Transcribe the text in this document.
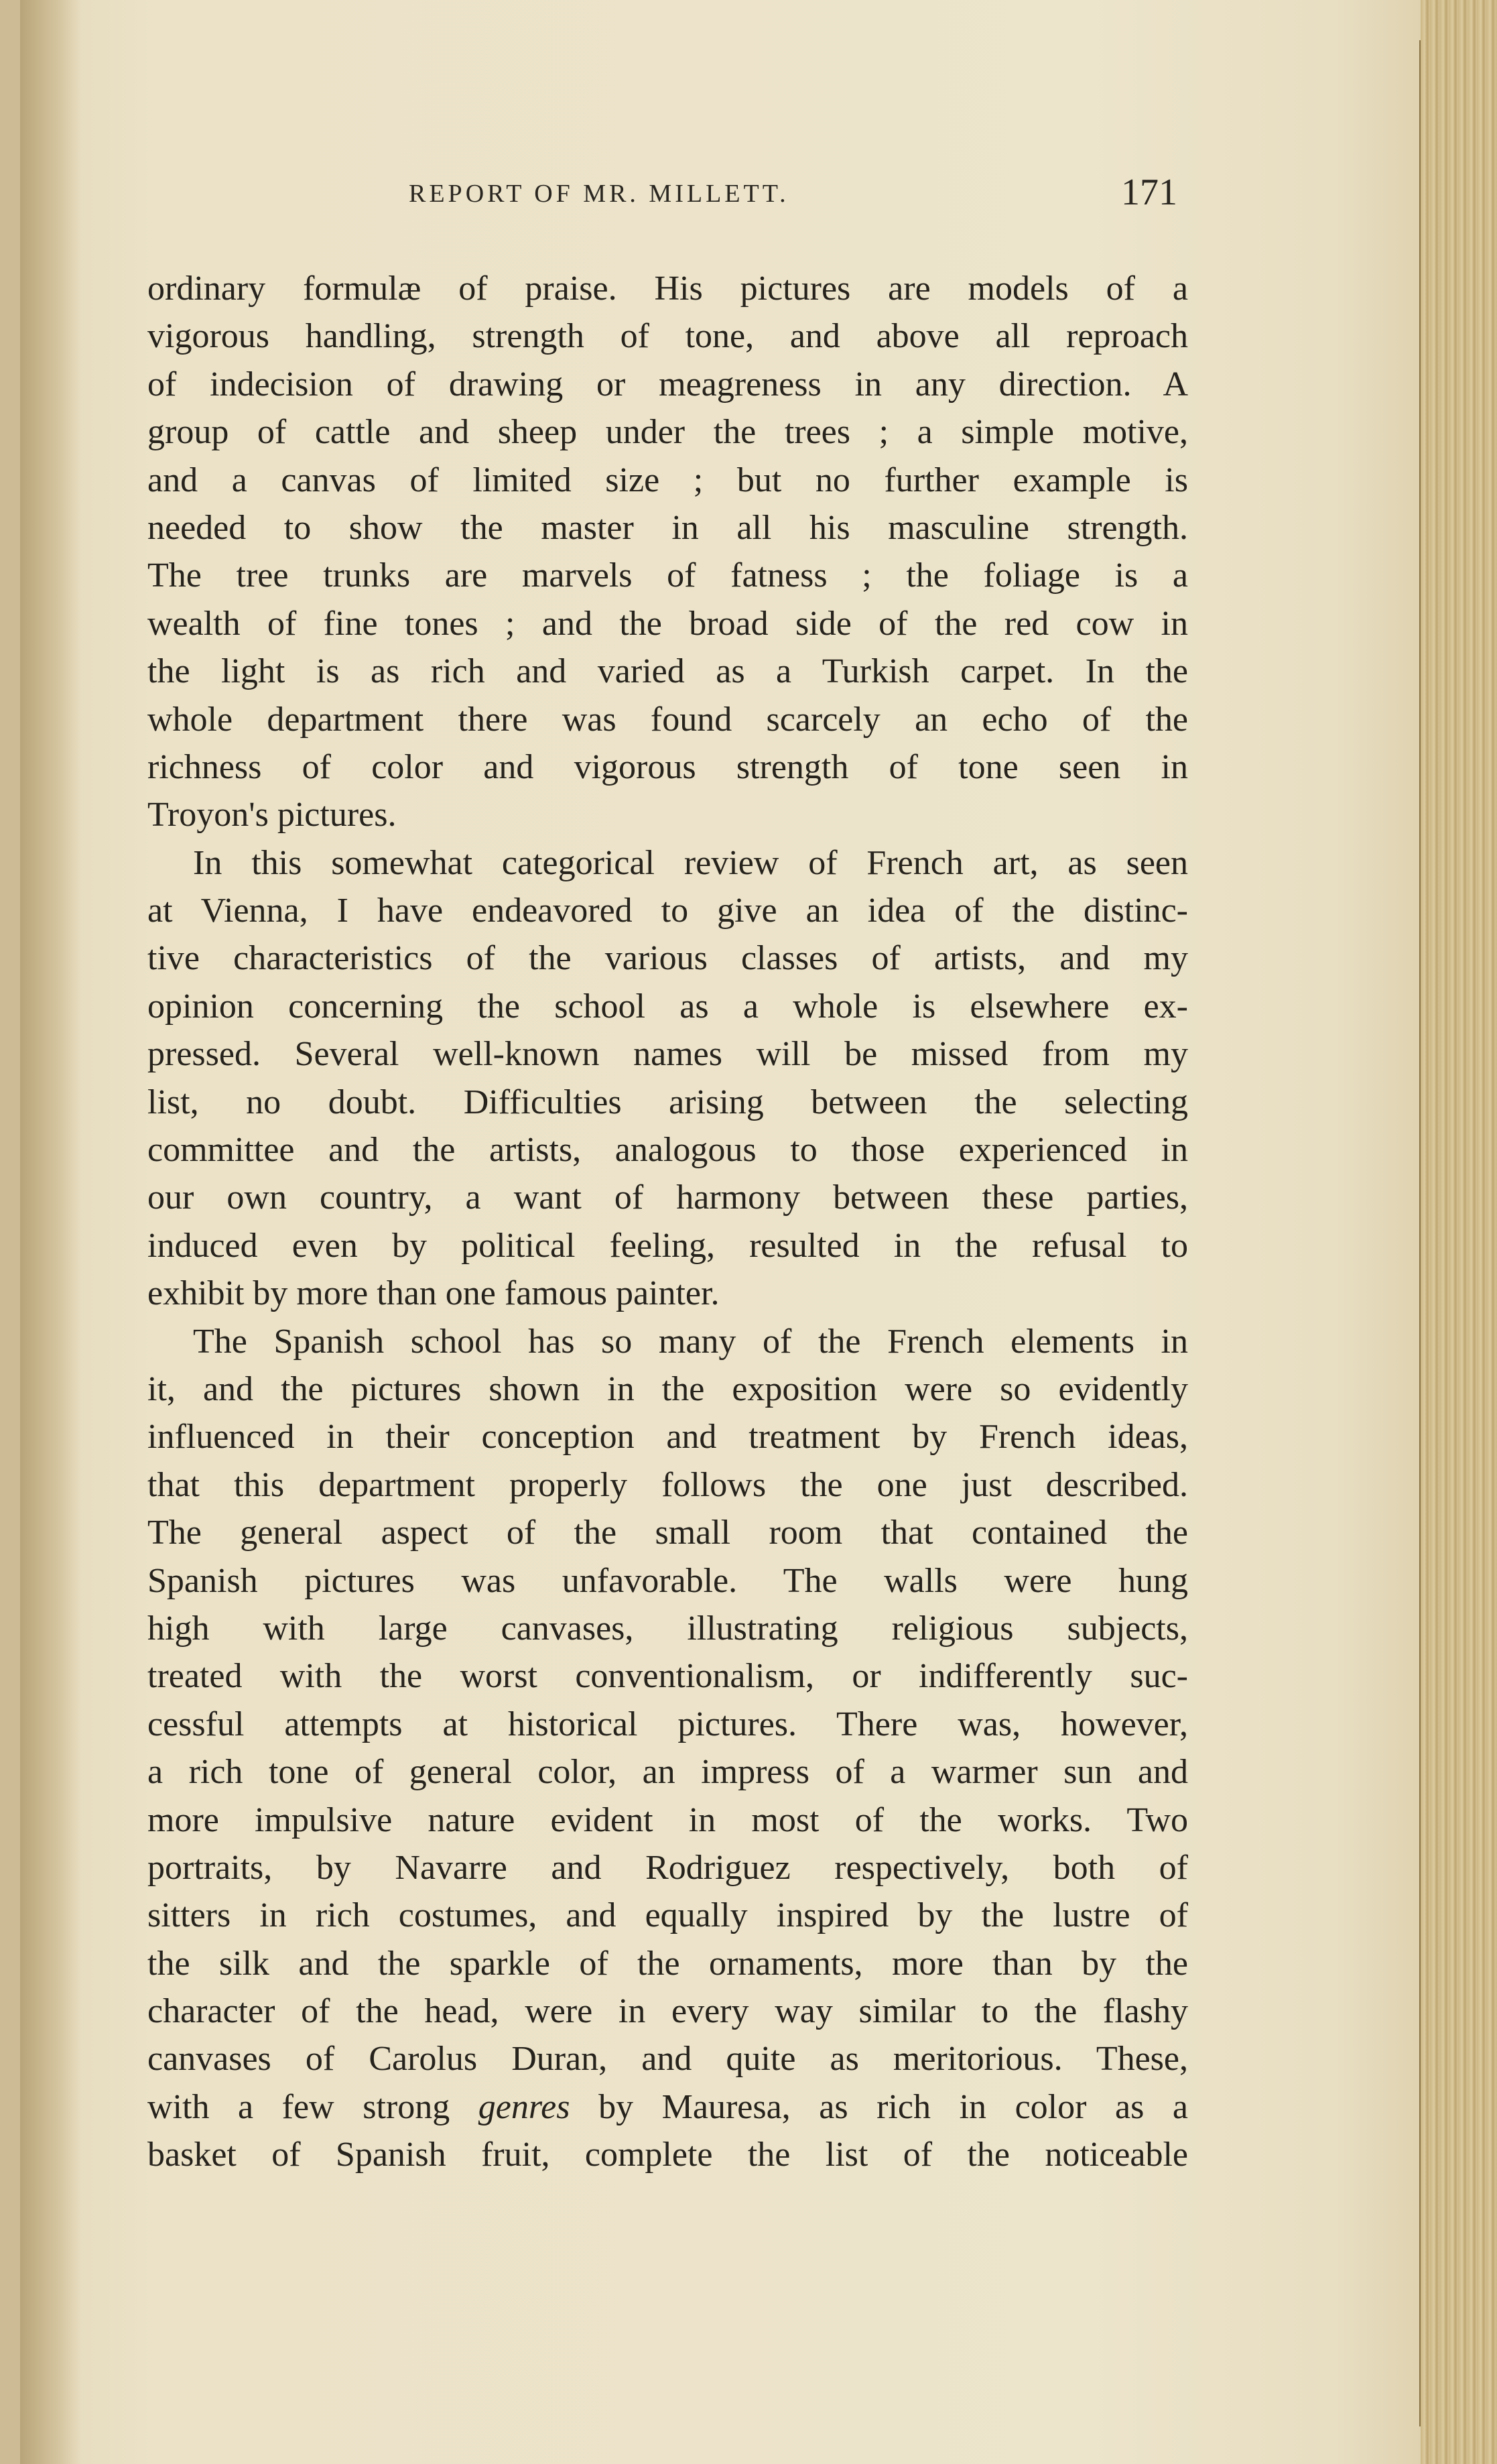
REPORT OF MR. MILLETT.	171
ordinary formulæ of praise. His pictures are models of a
vigorous handling, strength of tone, and above all reproach
of indecision of drawing or meagreness in any direction. A
group of cattle and sheep under the trees ; a simple motive,
and a canvas of limited size ; but no further example is
needed to show the master in all his masculine strength.
The tree trunks are marvels of fatness ; the foliage is a
wealth of fine tones ; and the broad side of the red cow in
the light is as rich and varied as a Turkish carpet. In the
whole department there was found scarcely an echo of the
richness of color and vigorous strength of tone seen in
Troyon's pictures.
In this somewhat categorical review of French art, as seen
at Vienna, I have endeavored to give an idea of the distinc-
tive characteristics of the various classes of artists, and my
opinion concerning the school as a whole is elsewhere ex-
pressed. Several well-known names will be missed from my
list, no doubt. Difficulties arising between the selecting
committee and the artists, analogous to those experienced in
our own country, a want of harmony between these parties,
induced even by political feeling, resulted in the refusal to
exhibit by more than one famous painter.
The Spanish school has so many of the French elements in
it, and the pictures shown in the exposition were so evidently
influenced in their conception and treatment by French ideas,
that this department properly follows the one just described.
The general aspect of the small room that contained the
Spanish pictures was unfavorable. The walls were hung
high with large canvases, illustrating religious subjects,
treated with the worst conventionalism, or indifferently suc-
cessful attempts at historical pictures. There was, however,
a rich tone of general color, an impress of a warmer sun and
more impulsive nature evident in most of the works. Two
portraits, by Navarre and Rodriguez respectively, both of
sitters in rich costumes, and equally inspired by the lustre of
the silk and the sparkle of the ornaments, more than by the
character of the head, were in every way similar to the flashy
canvases of Carolus Duran, and quite as meritorious. These,
with a few strong genres by Mauresa, as rich in color as a
basket of Spanish fruit, complete the list of the noticeable
